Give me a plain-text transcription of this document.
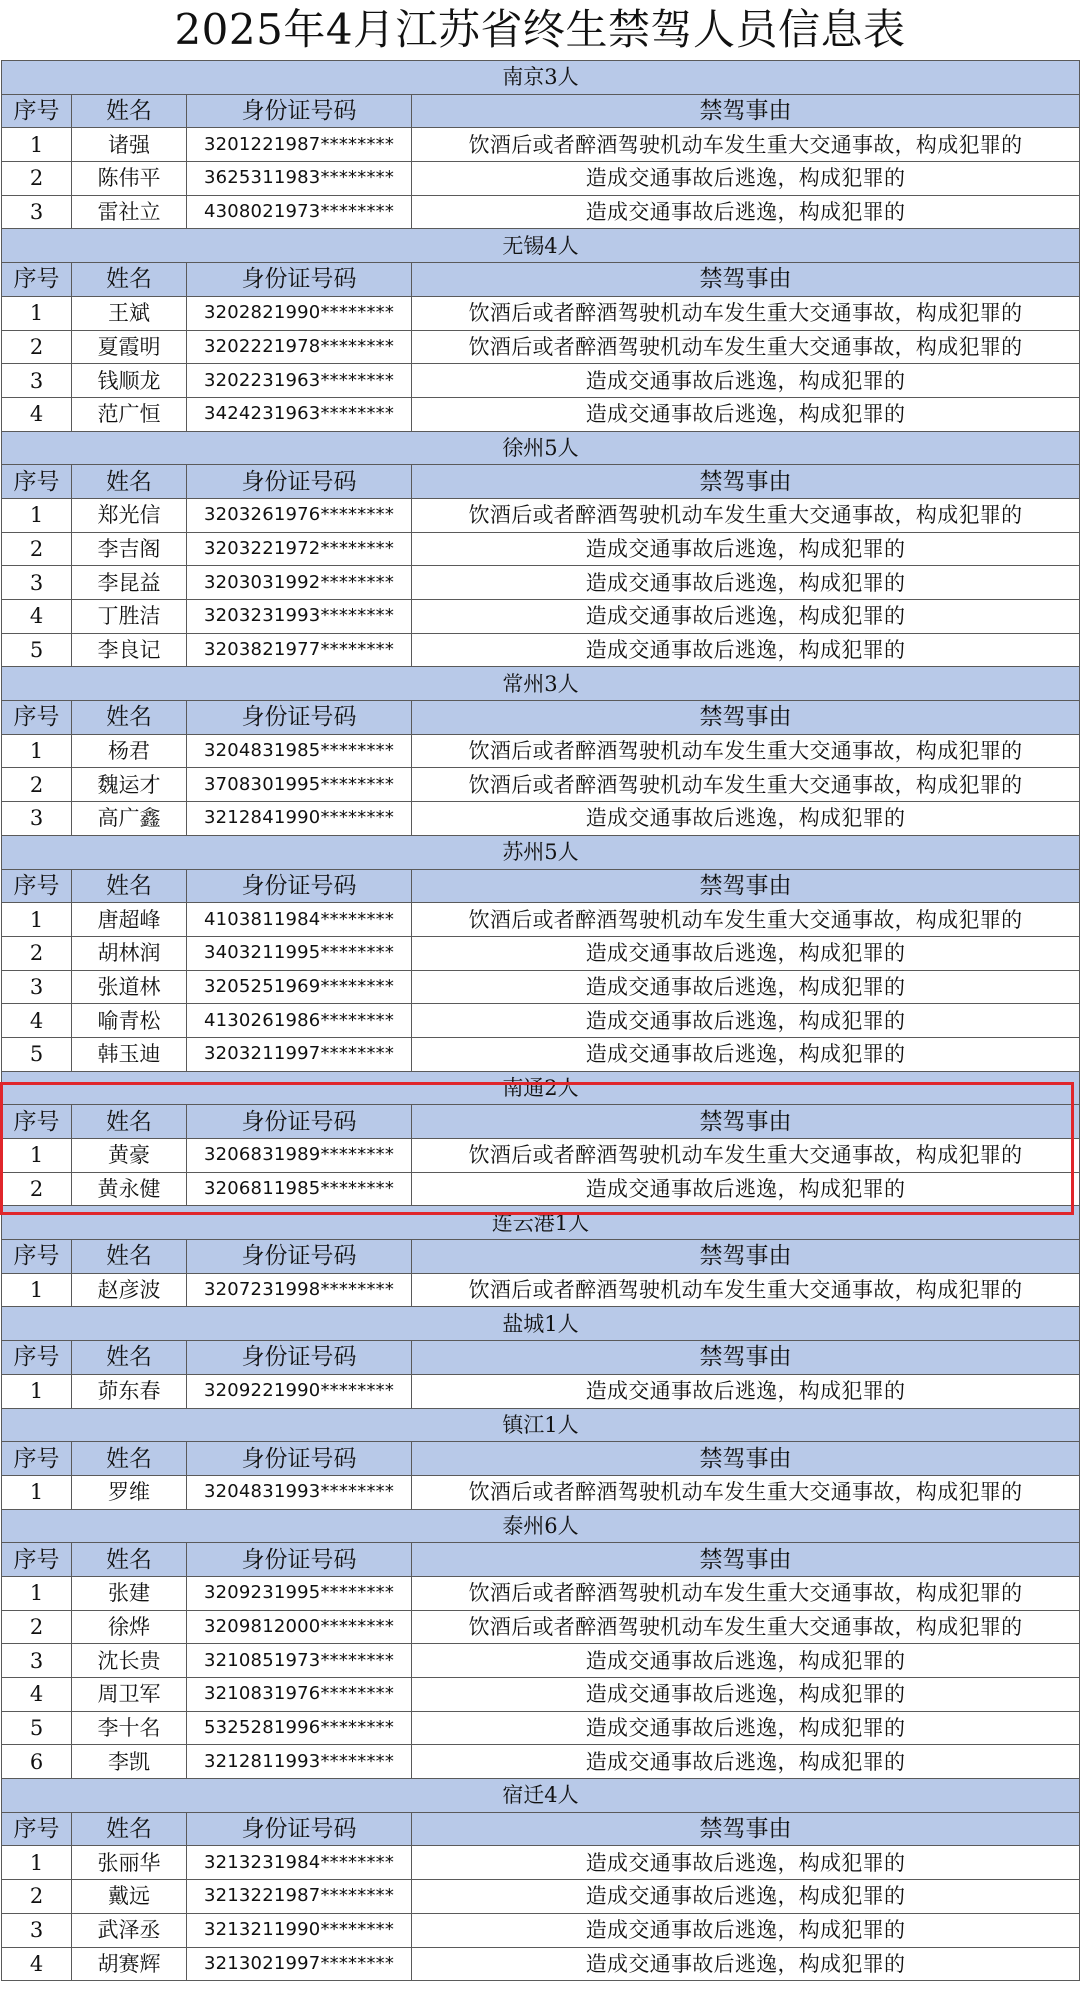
2025年4月江苏省终生禁驾人员信息表
南京3人			
序号	姓名	身份证号码	禁驾事由
1	诸强	3201221987********	饮酒后或者醉酒驾驶机动车发生重大交通事故，构成犯罪的
2	陈伟平	3625311983********	造成交通事故后逃逸，构成犯罪的
3	雷社立	4308021973********	造成交通事故后逃逸，构成犯罪的
无锡4人			
序号	姓名	身份证号码	禁驾事由
1	王斌	3202821990********	饮酒后或者醉酒驾驶机动车发生重大交通事故，构成犯罪的
2	夏霞明	3202221978********	饮酒后或者醉酒驾驶机动车发生重大交通事故，构成犯罪的
3	钱顺龙	3202231963********	造成交通事故后逃逸，构成犯罪的
4	范广恒	3424231963********	造成交通事故后逃逸，构成犯罪的
徐州5人			
序号	姓名	身份证号码	禁驾事由
1	郑光信	3203261976********	饮酒后或者醉酒驾驶机动车发生重大交通事故，构成犯罪的
2	李吉阁	3203221972********	造成交通事故后逃逸，构成犯罪的
3	李昆益	3203031992********	造成交通事故后逃逸，构成犯罪的
4	丁胜洁	3203231993********	造成交通事故后逃逸，构成犯罪的
5	李良记	3203821977********	造成交通事故后逃逸，构成犯罪的
常州3人			
序号	姓名	身份证号码	禁驾事由
1	杨君	3204831985********	饮酒后或者醉酒驾驶机动车发生重大交通事故，构成犯罪的
2	魏运才	3708301995********	饮酒后或者醉酒驾驶机动车发生重大交通事故，构成犯罪的
3	高广鑫	3212841990********	造成交通事故后逃逸，构成犯罪的
苏州5人			
序号	姓名	身份证号码	禁驾事由
1	唐超峰	4103811984********	饮酒后或者醉酒驾驶机动车发生重大交通事故，构成犯罪的
2	胡林润	3403211995********	造成交通事故后逃逸，构成犯罪的
3	张道林	3205251969********	造成交通事故后逃逸，构成犯罪的
4	喻青松	4130261986********	造成交通事故后逃逸，构成犯罪的
5	韩玉迪	3203211997********	造成交通事故后逃逸，构成犯罪的
南通2人			
序号	姓名	身份证号码	禁驾事由
1	黄豪	3206831989********	饮酒后或者醉酒驾驶机动车发生重大交通事故，构成犯罪的
2	黄永健	3206811985********	造成交通事故后逃逸，构成犯罪的
连云港1人			
序号	姓名	身份证号码	禁驾事由
1	赵彦波	3207231998********	饮酒后或者醉酒驾驶机动车发生重大交通事故，构成犯罪的
盐城1人			
序号	姓名	身份证号码	禁驾事由
1	茆东春	3209221990********	造成交通事故后逃逸，构成犯罪的
镇江1人			
序号	姓名	身份证号码	禁驾事由
1	罗维	3204831993********	饮酒后或者醉酒驾驶机动车发生重大交通事故，构成犯罪的
泰州6人			
序号	姓名	身份证号码	禁驾事由
1	张建	3209231995********	饮酒后或者醉酒驾驶机动车发生重大交通事故，构成犯罪的
2	徐烨	3209812000********	饮酒后或者醉酒驾驶机动车发生重大交通事故，构成犯罪的
3	沈长贵	3210851973********	造成交通事故后逃逸，构成犯罪的
4	周卫军	3210831976********	造成交通事故后逃逸，构成犯罪的
5	李十名	5325281996********	造成交通事故后逃逸，构成犯罪的
6	李凯	3212811993********	造成交通事故后逃逸，构成犯罪的
宿迁4人			
序号	姓名	身份证号码	禁驾事由
1	张丽华	3213231984********	造成交通事故后逃逸，构成犯罪的
2	戴远	3213221987********	造成交通事故后逃逸，构成犯罪的
3	武泽丞	3213211990********	造成交通事故后逃逸，构成犯罪的
4	胡赛辉	3213021997********	造成交通事故后逃逸，构成犯罪的
